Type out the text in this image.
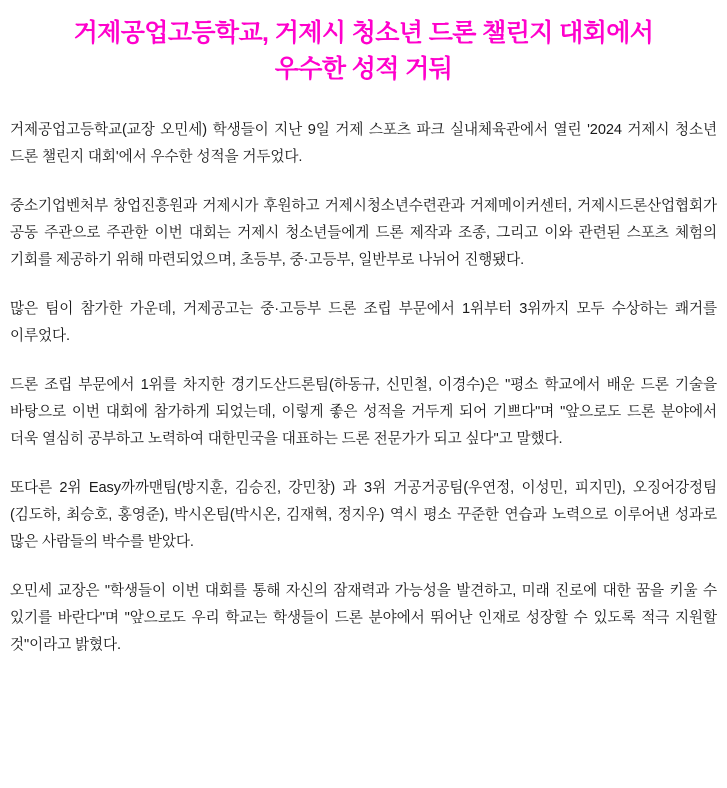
거제공업고등학교, 거제시 청소년 드론 챌린지 대회에서
우수한 성적 거둬

거제공업고등학교(교장 오민세) 학생들이 지난 9일 거제 스포츠 파크 실내체육관에서 열린 '2024 거제시 청소년 드론 챌린지 대회'에서 우수한 성적을 거두었다.

중소기업벤처부 창업진흥원과 거제시가 후원하고 거제시청소년수련관과 거제메이커센터, 거제시드론산업협회가 공동 주관으로 주관한 이번 대회는 거제시 청소년들에게 드론 제작과 조종, 그리고 이와 관련된 스포츠 체험의 기회를 제공하기 위해 마련되었으며, 초등부, 중·고등부, 일반부로 나뉘어 진행됐다.

많은 팀이 참가한 가운데, 거제공고는 중·고등부 드론 조립 부문에서 1위부터 3위까지 모두 수상하는 쾌거를 이루었다.

드론 조립 부문에서 1위를 차지한 경기도산드론팀(하동규, 신민철, 이경수)은 "평소 학교에서 배운 드론 기술을 바탕으로 이번 대회에 참가하게 되었는데, 이렇게 좋은 성적을 거두게 되어 기쁘다"며 "앞으로도 드론 분야에서 더욱 열심히 공부하고 노력하여 대한민국을 대표하는 드론 전문가가 되고 싶다"고 말했다.

또다른 2위 Easy까까맨팀(방지훈, 김승진, 강민창) 과 3위 거공거공팀(우연정, 이성민, 피지민), 오징어강정팀(김도하, 최승호, 홍영준), 박시온팀(박시온, 김재혁, 정지우) 역시 평소 꾸준한 연습과 노력으로 이루어낸 성과로 많은 사람들의 박수를 받았다.

오민세 교장은 "학생들이 이번 대회를 통해 자신의 잠재력과 가능성을 발견하고, 미래 진로에 대한 꿈을 키울 수 있기를 바란다"며 "앞으로도 우리 학교는 학생들이 드론 분야에서 뛰어난 인재로 성장할 수 있도록 적극 지원할 것"이라고 밝혔다.
